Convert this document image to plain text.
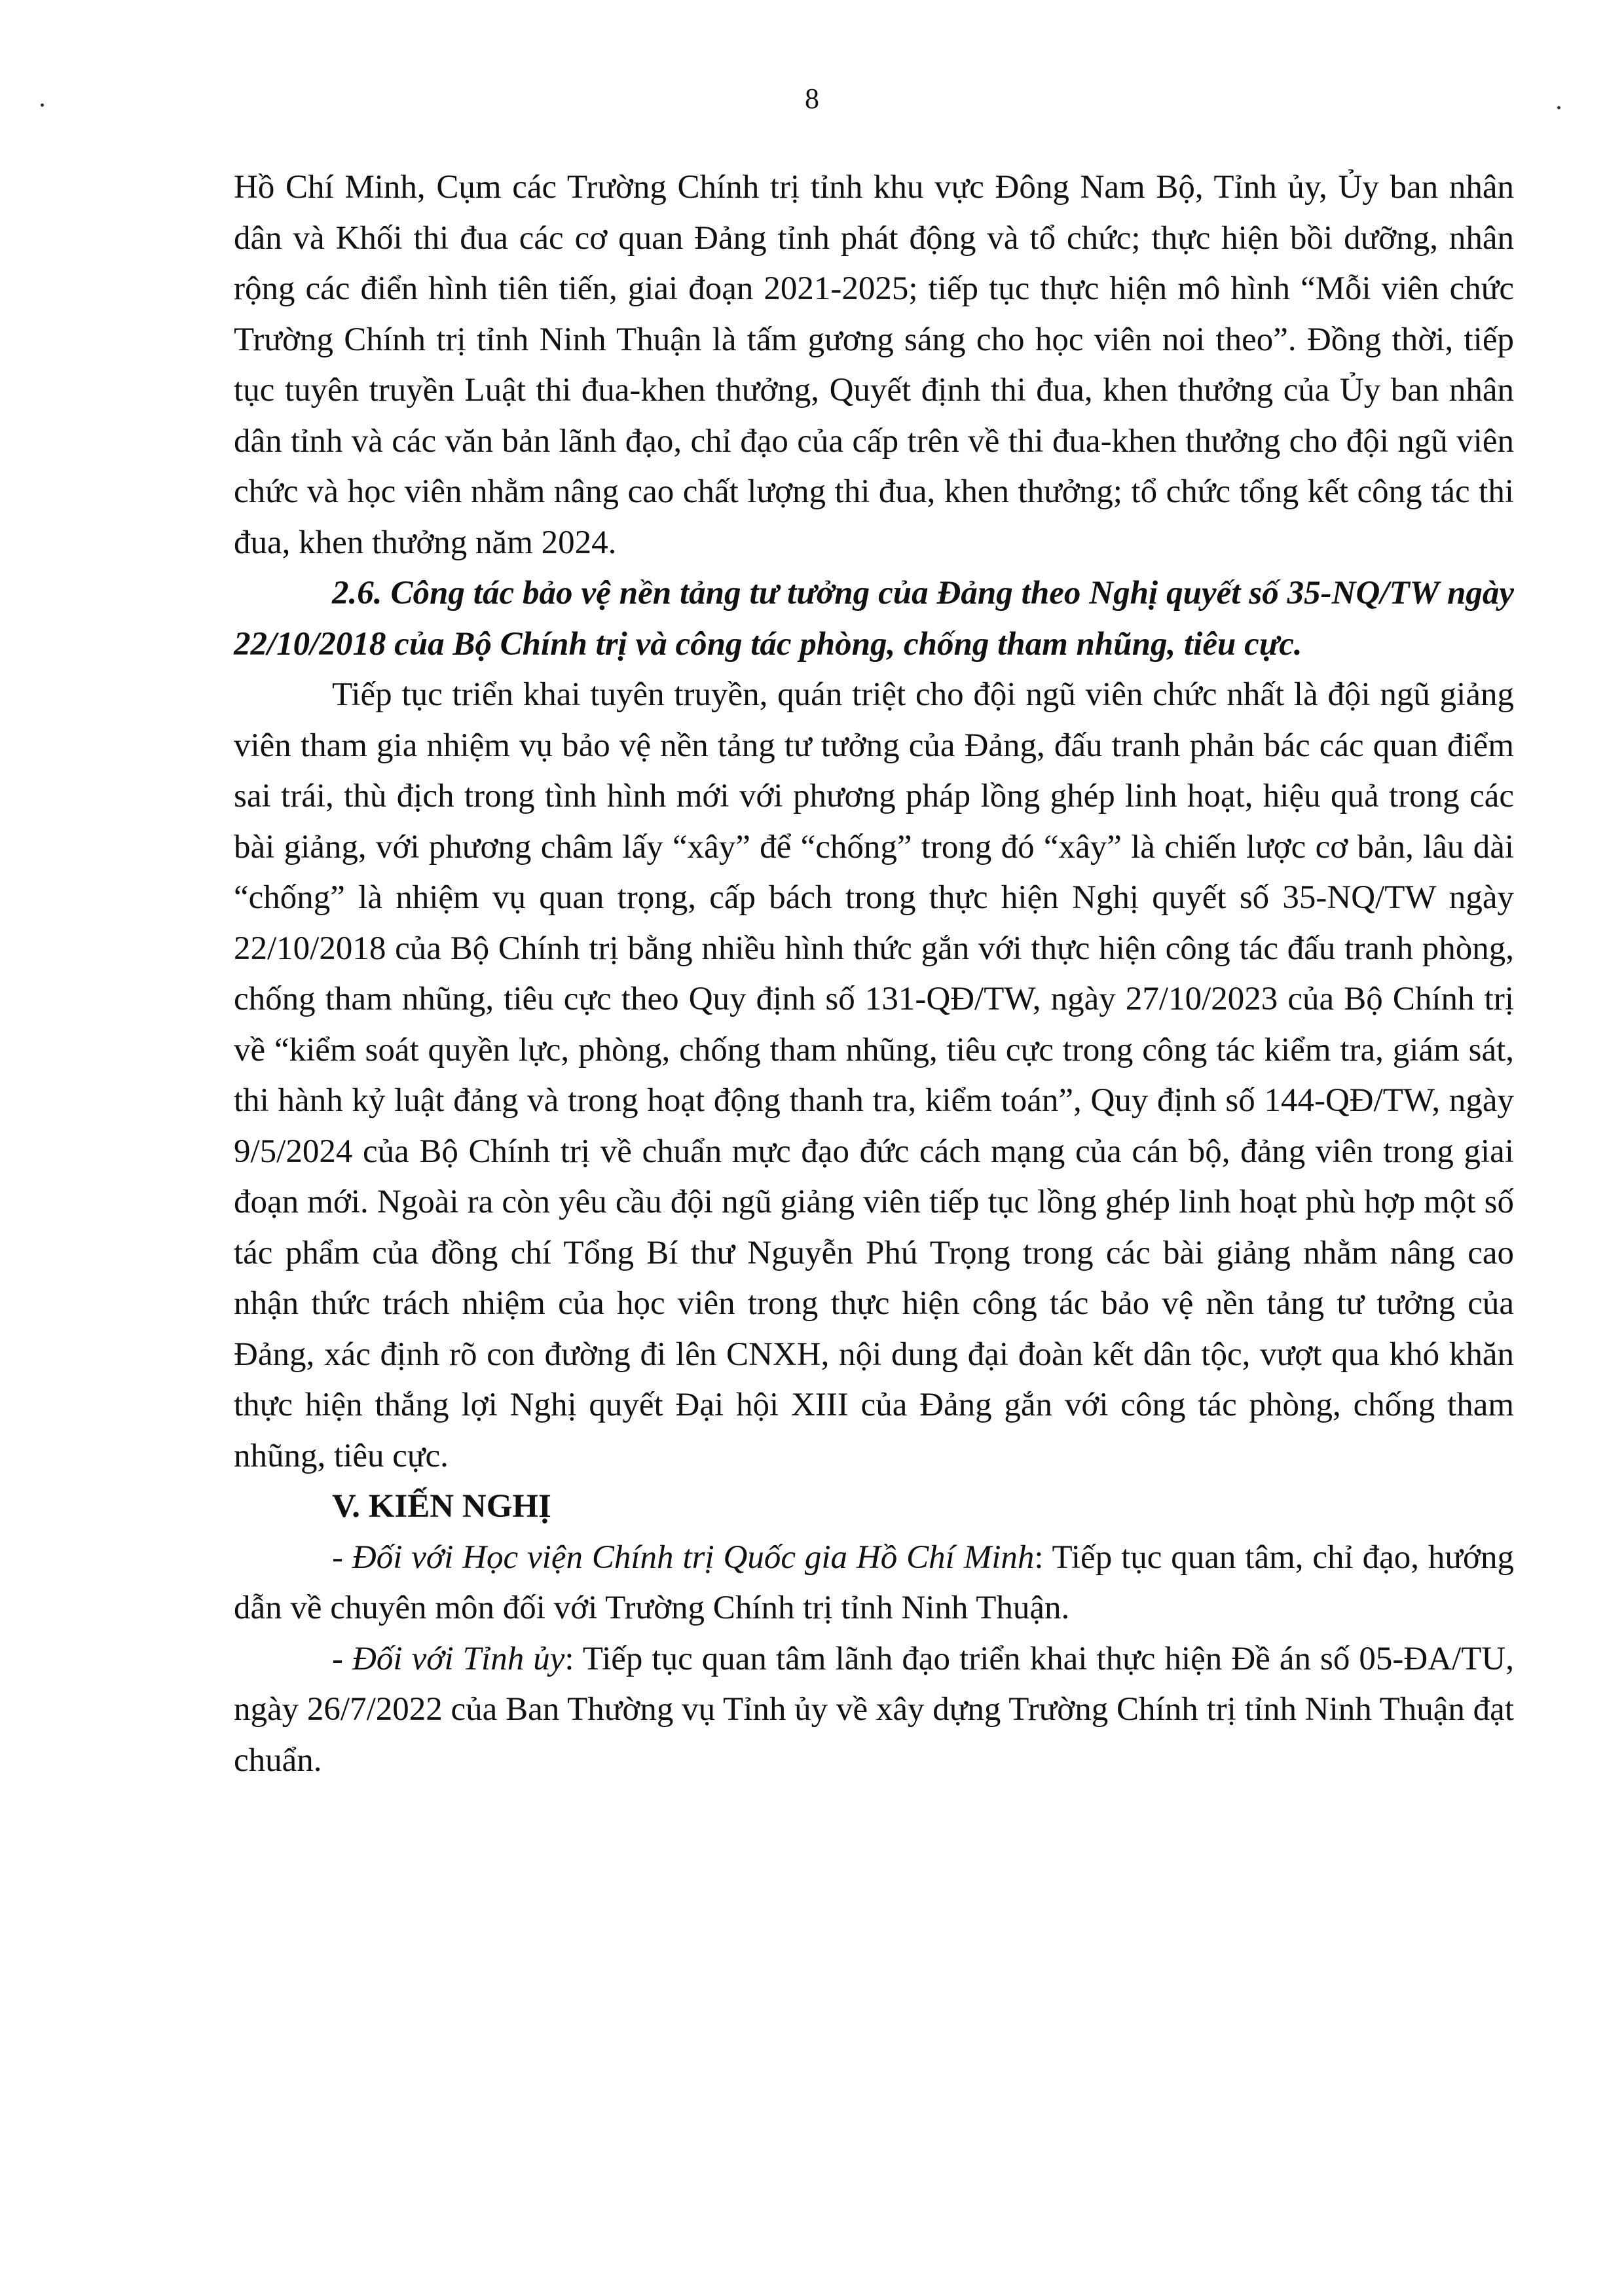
8

Hồ Chí Minh, Cụm các Trường Chính trị tỉnh khu vực Đông Nam Bộ, Tỉnh ủy, Ủy ban nhân dân và Khối thi đua các cơ quan Đảng tỉnh phát động và tổ chức; thực hiện bồi dưỡng, nhân rộng các điển hình tiên tiến, giai đoạn 2021-2025; tiếp tục thực hiện mô hình “Mỗi viên chức Trường Chính trị tỉnh Ninh Thuận là tấm gương sáng cho học viên noi theo”. Đồng thời, tiếp tục tuyên truyền Luật thi đua-khen thưởng, Quyết định thi đua, khen thưởng của Ủy ban nhân dân tỉnh và các văn bản lãnh đạo, chỉ đạo của cấp trên về thi đua-khen thưởng cho đội ngũ viên chức và học viên nhằm nâng cao chất lượng thi đua, khen thưởng; tổ chức tổng kết công tác thi đua, khen thưởng năm 2024.

2.6. Công tác bảo vệ nền tảng tư tưởng của Đảng theo Nghị quyết số 35-NQ/TW ngày 22/10/2018 của Bộ Chính trị và công tác phòng, chống tham nhũng, tiêu cực.

Tiếp tục triển khai tuyên truyền, quán triệt cho đội ngũ viên chức nhất là đội ngũ giảng viên tham gia nhiệm vụ bảo vệ nền tảng tư tưởng của Đảng, đấu tranh phản bác các quan điểm sai trái, thù địch trong tình hình mới với phương pháp lồng ghép linh hoạt, hiệu quả trong các bài giảng, với phương châm lấy “xây” để “chống” trong đó “xây” là chiến lược cơ bản, lâu dài “chống” là nhiệm vụ quan trọng, cấp bách trong thực hiện Nghị quyết số 35-NQ/TW ngày 22/10/2018 của Bộ Chính trị bằng nhiều hình thức gắn với thực hiện công tác đấu tranh phòng, chống tham nhũng, tiêu cực theo Quy định số 131-QĐ/TW, ngày 27/10/2023 của Bộ Chính trị về “kiểm soát quyền lực, phòng, chống tham nhũng, tiêu cực trong công tác kiểm tra, giám sát, thi hành kỷ luật đảng và trong hoạt động thanh tra, kiểm toán”, Quy định số 144-QĐ/TW, ngày 9/5/2024 của Bộ Chính trị về chuẩn mực đạo đức cách mạng của cán bộ, đảng viên trong giai đoạn mới. Ngoài ra còn yêu cầu đội ngũ giảng viên tiếp tục lồng ghép linh hoạt phù hợp một số tác phẩm của đồng chí Tổng Bí thư Nguyễn Phú Trọng trong các bài giảng nhằm nâng cao nhận thức trách nhiệm của học viên trong thực hiện công tác bảo vệ nền tảng tư tưởng của Đảng, xác định rõ con đường đi lên CNXH, nội dung đại đoàn kết dân tộc, vượt qua khó khăn thực hiện thắng lợi Nghị quyết Đại hội XIII của Đảng gắn với công tác phòng, chống tham nhũng, tiêu cực.

V. KIẾN NGHỊ

- Đối với Học viện Chính trị Quốc gia Hồ Chí Minh: Tiếp tục quan tâm, chỉ đạo, hướng dẫn về chuyên môn đối với Trường Chính trị tỉnh Ninh Thuận.

- Đối với Tỉnh ủy: Tiếp tục quan tâm lãnh đạo triển khai thực hiện Đề án số 05-ĐA/TU, ngày 26/7/2022 của Ban Thường vụ Tỉnh ủy về xây dựng Trường Chính trị tỉnh Ninh Thuận đạt chuẩn.
